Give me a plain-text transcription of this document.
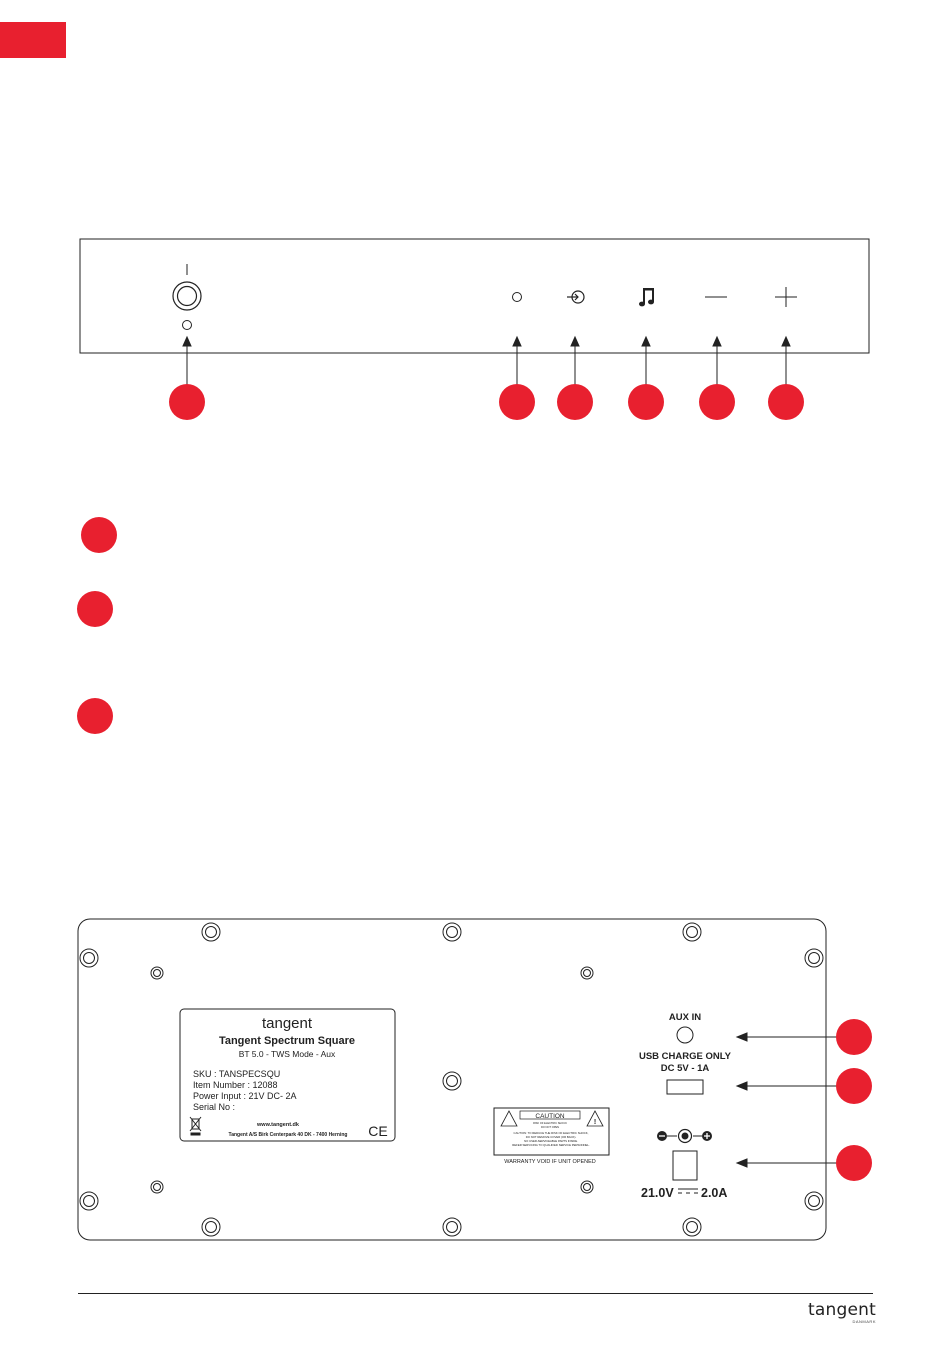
tangent
Tangent Spectrum Square
BT 5.0 - TWS Mode - Aux
SKU : TANSPECSQU
Item Number : 12088
Power Input : 21V DC- 2A
Serial No :
www.tangent.dk
Tangent A/S Birk Centerpark 40 DK - 7400 Herning CE
CAUTION
!
RISK OF ELECTRIC SHOCK
DO NOT OPEN
CAUTION: TO REDUCE THE RISK OF ELECTRIC SHOCK,
DO NOT REMOVE COVER (OR BACK).
NO USER-SERVICEABLE PARTS INSIDE.
REFER SERVICING TO QUALIFIED SERVICE PERSONNEL.
WARRANTY VOID IF UNIT OPENED
AUX IN
USB CHARGE ONLY
DC 5V - 1A
21.0V 2.0A
tangent
DANMARK
